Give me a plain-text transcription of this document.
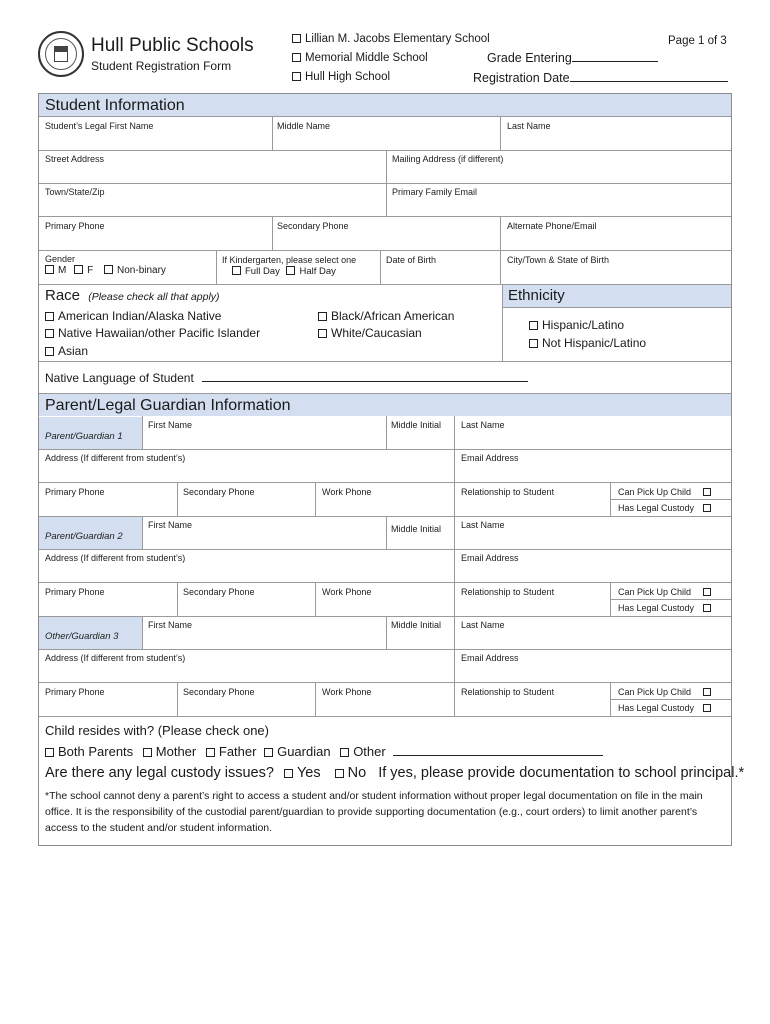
Hull Public Schools
Student Registration Form
Lillian M. Jacobs Elementary School
Memorial Middle School
Hull High School
Page 1 of 3
Grade Entering
Registration Date
Student Information
Student’s Legal First Name	Middle Name	Last Name
Street Address	Mailing Address (if different)
Town/State/Zip	Primary Family Email
Primary Phone	Secondary Phone	Alternate Phone/Email
Gender
M F Non-binary
If Kindergarten, please select one
Full Day Half Day
Date of Birth	City/Town & State of Birth
Race (Please check all that apply)	Ethnicity
American Indian/Alaska Native
Native Hawaiian/other Pacific Islander
Asian
Black/African American
White/Caucasian
Hispanic/Latino
Not Hispanic/Latino
Native Language of Student
Parent/Legal Guardian Information
Parent/Guardian 1
First Name	Middle Initial Last Name
Address (If different from student’s)	Email Address
Primary Phone	Secondary Phone	Work Phone	Relationship to Student	Can Pick Up Child
Has Legal Custody
Parent/Guardian 2
First Name	Middle Initial Last Name
Address (If different from student’s)	Email Address
Primary Phone	Secondary Phone	Work Phone	Relationship to Student	Can Pick Up Child
Has Legal Custody
Other/Guardian 3
First Name	Middle Initial Last Name
Address (If different from student’s)	Email Address
Primary Phone	Secondary Phone	Work Phone	Relationship to Student	Can Pick Up Child
Has Legal Custody
Child resides with? (Please check one)
Both Parents Mother Father Guardian Other
Are there any legal custody issues? Yes No If yes, please provide documentation to school principal.*
*The school cannot deny a parent’s right to access a student and/or student information without proper legal documentation on file in the main office. It is the responsibility of the custodial parent/guardian to provide supporting documentation (e.g., court orders) to limit another parent’s access to the student and/or student information.
